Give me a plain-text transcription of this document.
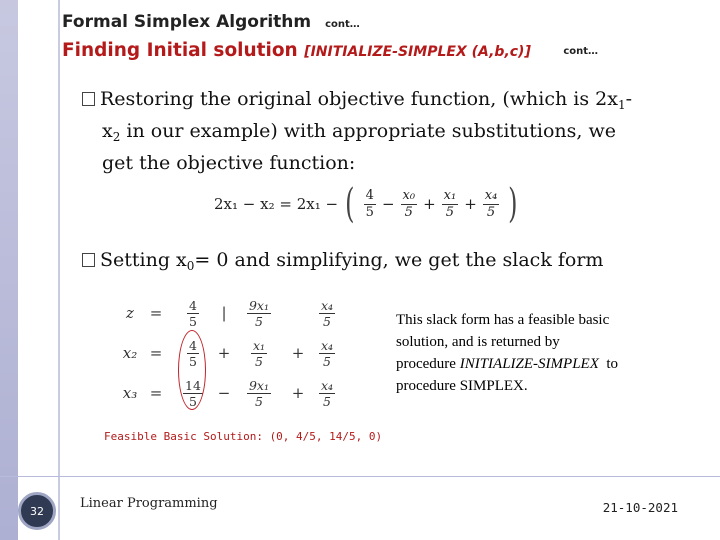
Formal Simplex Algorithm cont…
Finding Initial solution [INITIALIZE-SIMPLEX (A,b,c)]	cont…
Restoring the original objective function, (which is $2x_1-$
$x_2$ in our example) with appropriate substitutions, we
get the objective function:
2x₁ − x₂ = 2x₁ − ( $\frac{4}{5} - \frac{\text{x₀}}{5} + \frac{\text{x₁}}{5} + \frac{\text{x₄}}{5}$ )
Setting $x_0= 0$ and simplifying, we get the slack form
z	= $\frac{4}{5}$	|	$\frac{\text{9x₁}}{5}$	$\frac{\text{x₄}}{5}$
$x_2 = \frac{4}{5} + \frac{\text{x₁}}{5} + \frac{\text{x₄}}{5}$
$x_3 = \frac{14}{5} - \frac{\text{9x₁}}{5} + \frac{\text{x₄}}{5}$
This slack form has a feasible basic
solution, and is returned by
procedure INITIALIZE-SIMPLEX  to
procedure SIMPLEX.
Feasible Basic Solution: (0, 4/5, 14/5, 0)
32	Linear Programming	21-10-2021
